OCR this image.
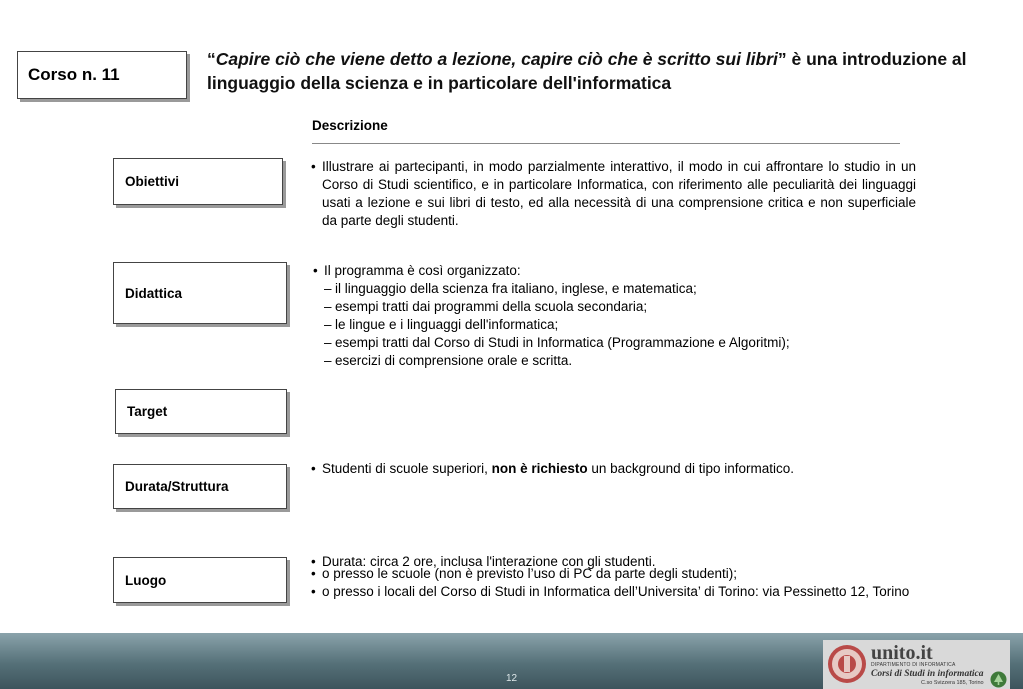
Corso n. 11
“Capire ciò che viene detto a lezione, capire ciò che è scritto sui libri” è una introduzione al linguaggio della scienza e in particolare dell'informatica
Descrizione
Obiettivi
• Illustrare ai partecipanti, in modo parzialmente interattivo, il modo in cui affrontare lo studio in un Corso di Studi scientifico, e in particolare Informatica, con riferimento alle peculiarità dei linguaggi usati a lezione e sui libri di testo, ed alla necessità di una comprensione critica e non superficiale da parte degli studenti.
Didattica
• Il programma è così organizzato:
– il linguaggio della scienza fra italiano, inglese, e matematica;
– esempi tratti dai programmi della scuola secondaria;
– le lingue e i linguaggi dell'informatica;
– esempi tratti dal Corso di Studi in Informatica (Programmazione e Algoritmi);
– esercizi di comprensione orale e scritta.
Target
• Studenti di scuole superiori, non è richiesto un background di tipo informatico.
Durata/Struttura
• Durata: circa 2 ore, inclusa l'interazione con gli studenti.
Luogo
•	o presso le scuole (non è previsto l’uso di PC da parte degli studenti);
• o presso i locali del Corso di Studi in Informatica dell’Universita’ di Torino: via Pessinetto 12, Torino
12
unito.it
DIPARTIMENTO DI INFORMATICA
Corsi di Studi in informatica
C.so Svizzera 185, Torino
